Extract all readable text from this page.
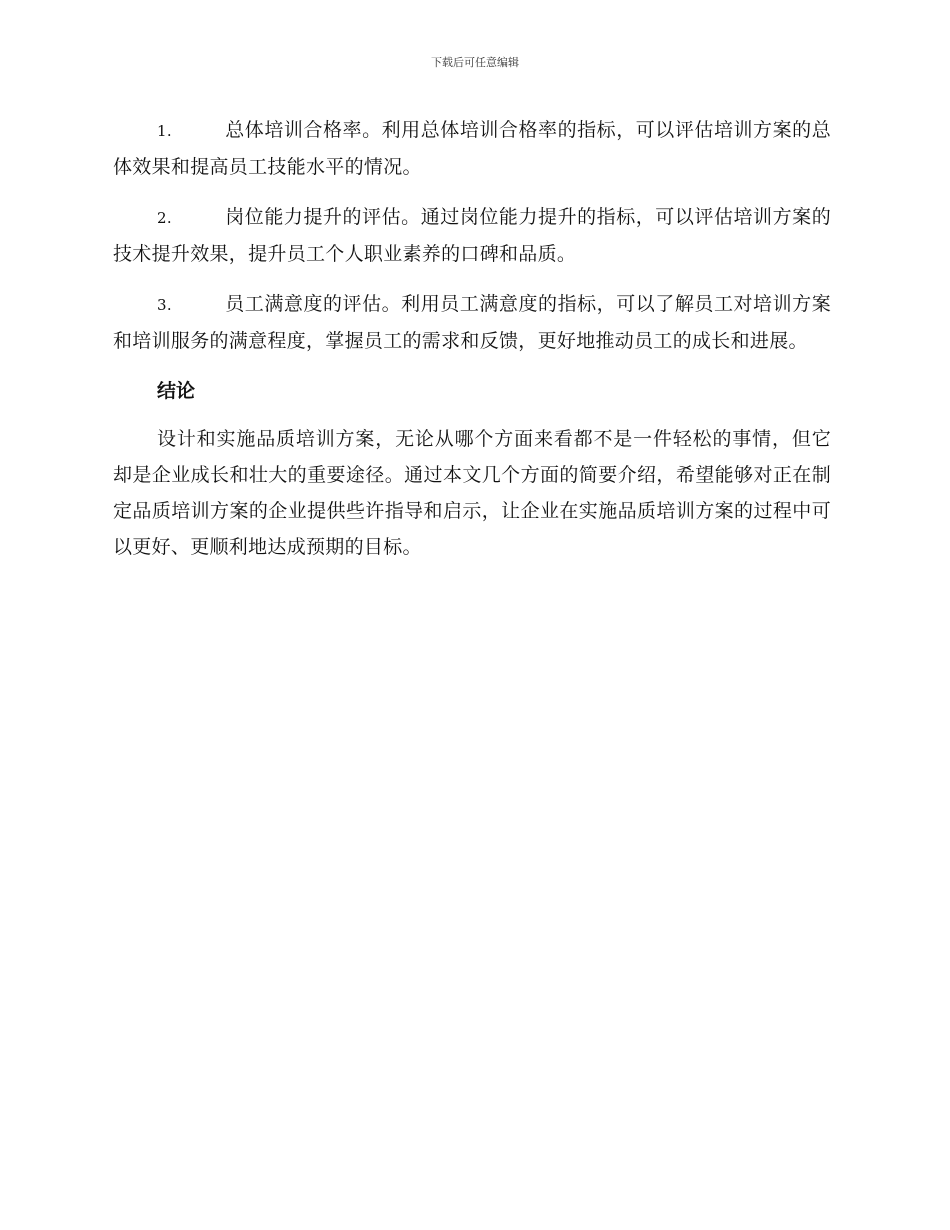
下载后可任意编辑

1.	总体培训合格率。利用总体培训合格率的指标，可以评估培训方案的总体效果和提高员工技能水平的情况。

2.	岗位能力提升的评估。通过岗位能力提升的指标，可以评估培训方案的技术提升效果，提升员工个人职业素养的口碑和品质。

3.	员工满意度的评估。利用员工满意度的指标，可以了解员工对培训方案和培训服务的满意程度，掌握员工的需求和反馈，更好地推动员工的成长和进展。

结论

设计和实施品质培训方案，无论从哪个方面来看都不是一件轻松的事情，但它却是企业成长和壮大的重要途径。通过本文几个方面的简要介绍，希望能够对正在制定品质培训方案的企业提供些许指导和启示，让企业在实施品质培训方案的过程中可以更好、更顺利地达成预期的目标。
